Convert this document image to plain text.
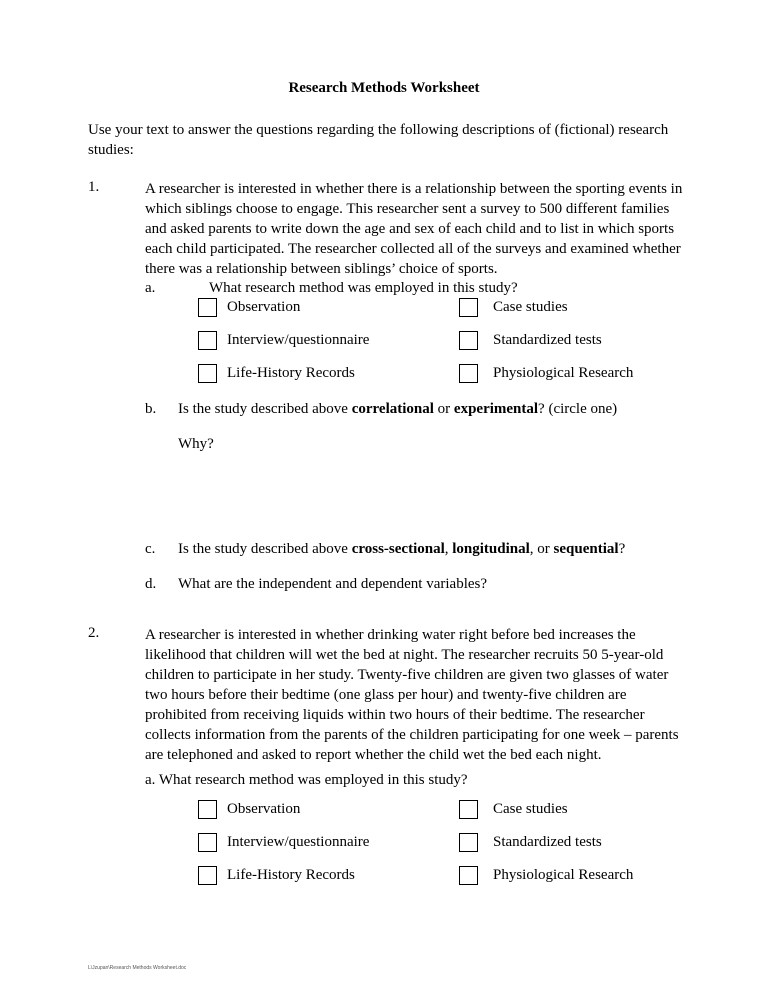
Research Methods Worksheet
Use your text to answer the questions regarding the following descriptions of (fictional) research studies:
1.	A researcher is interested in whether there is a relationship between the sporting events in which siblings choose to engage. This researcher sent a survey to 500 different families and asked parents to write down the age and sex of each child and to list in which sports each child participated. The researcher collected all of the surveys and examined whether there was a relationship between siblings’ choice of sports.
a.	What research method was employed in this study?
Observation	Case studies
Interview/questionnaire	Standardized tests
Life-History Records	Physiological Research
b. Is the study described above correlational or experimental? (circle one)
Why?
c. Is the study described above cross-sectional, longitudinal, or sequential?
d. What are the independent and dependent variables?
2.	A researcher is interested in whether drinking water right before bed increases the likelihood that children will wet the bed at night. The researcher recruits 50 5-year-old children to participate in her study. Twenty-five children are given two glasses of water two hours before their bedtime (one glass per hour) and twenty-five children are prohibited from receiving liquids within two hours of their bedtime. The researcher collects information from the parents of the children participating for one week – parents are telephoned and asked to report whether the child wet the bed each night.
a. What research method was employed in this study?
Observation	Case studies
Interview/questionnaire	Standardized tests
Life-History Records	Physiological Research
L\Jzupan\Research Methods Worksheet.doc
